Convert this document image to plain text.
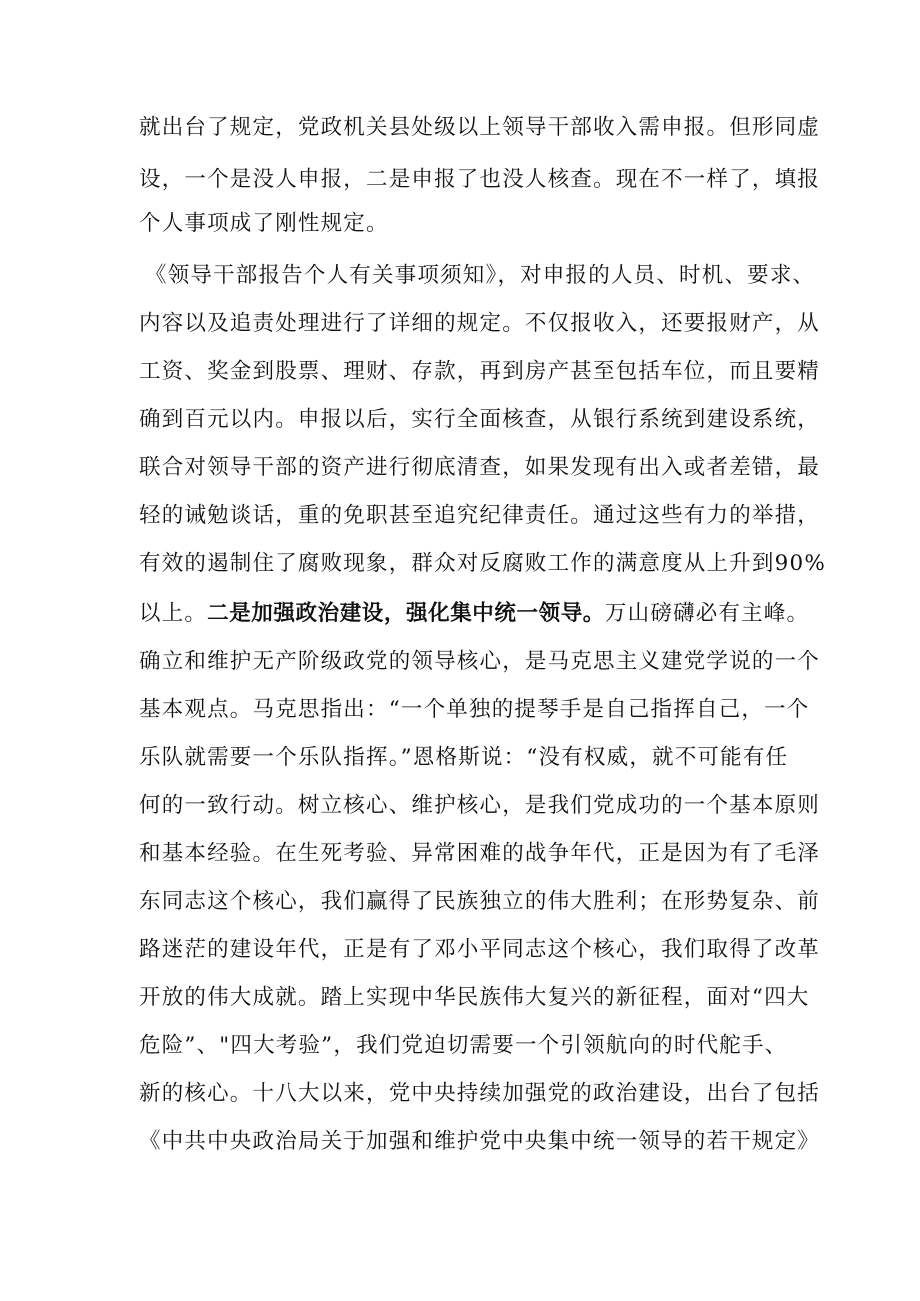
就出台了规定，党政机关县处级以上领导干部收入需申报。但形同虚
设，一个是没人申报，二是申报了也没人核查。现在不一样了，填报
个人事项成了刚性规定。
《领导干部报告个人有关事项须知》，对申报的人员、时机、要求、
内容以及追责处理进行了详细的规定。不仅报收入，还要报财产，从
工资、奖金到股票、理财、存款，再到房产甚至包括车位，而且要精
确到百元以内。申报以后，实行全面核查，从银行系统到建设系统，
联合对领导干部的资产进行彻底清查，如果发现有出入或者差错，最
轻的诫勉谈话，重的免职甚至追究纪律责任。通过这些有力的举措，
有效的遏制住了腐败现象，群众对反腐败工作的满意度从上升到90%
以上。二是加强政治建设，强化集中统一领导。万山磅礴必有主峰。
确立和维护无产阶级政党的领导核心，是马克思主义建党学说的一个
基本观点。马克思指出：“一个单独的提琴手是自己指挥自己，一个
乐队就需要一个乐队指挥。”恩格斯说：“没有权威，就不可能有任
何的一致行动。树立核心、维护核心，是我们党成功的一个基本原则
和基本经验。在生死考验、异常困难的战争年代，正是因为有了毛泽
东同志这个核心，我们赢得了民族独立的伟大胜利；在形势复杂、前
路迷茫的建设年代，正是有了邓小平同志这个核心，我们取得了改革
开放的伟大成就。踏上实现中华民族伟大复兴的新征程，面对“四大
危险”、"四大考验”，我们党迫切需要一个引领航向的时代舵手、
新的核心。十八大以来，党中央持续加强党的政治建设，出台了包括
《中共中央政治局关于加强和维护党中央集中统一领导的若干规定》
